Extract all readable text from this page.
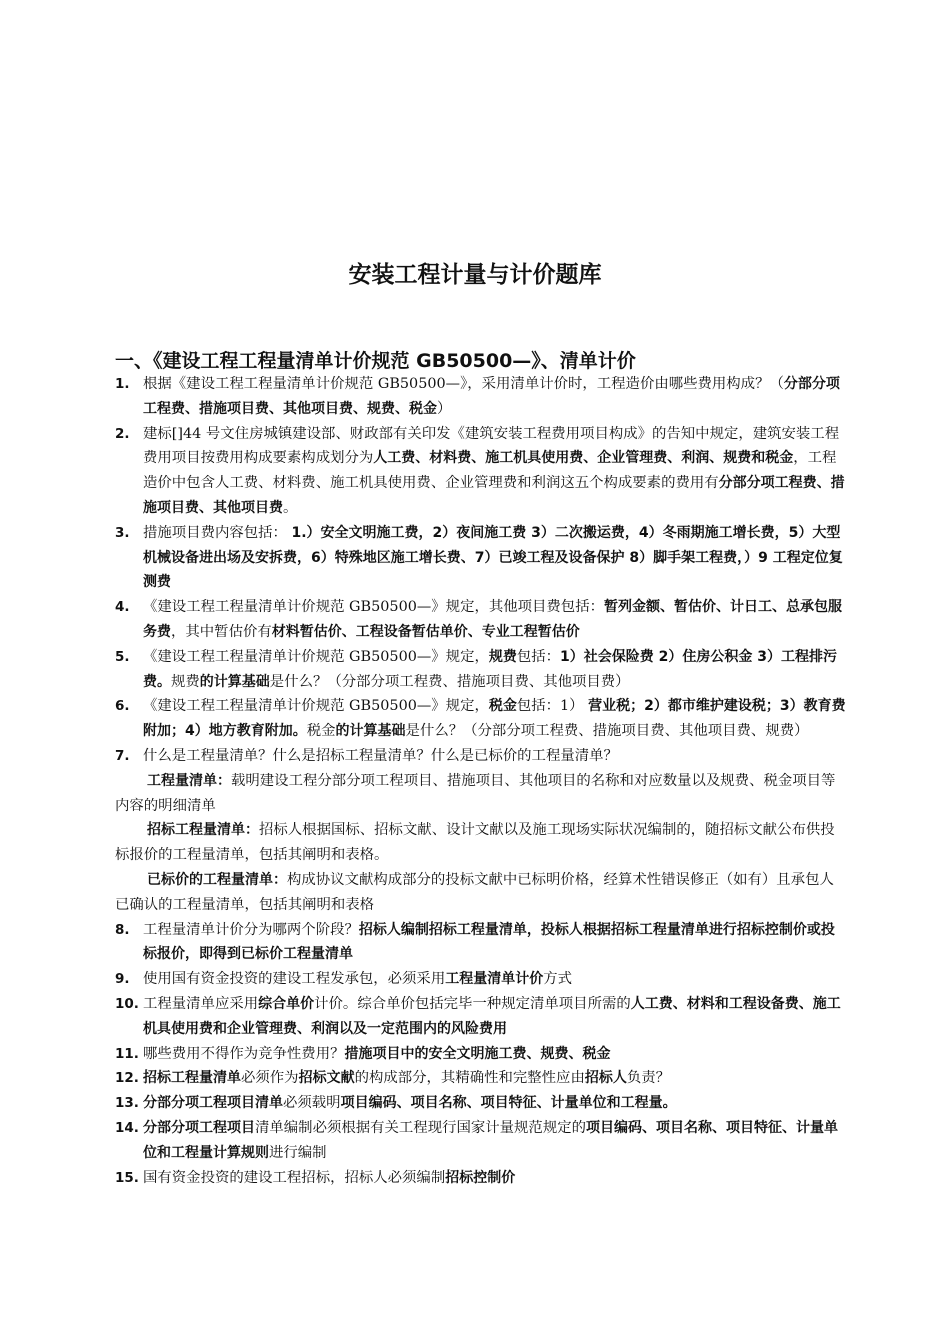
安装工程计量与计价题库
一、《建设工程工程量清单计价规范 GB50500—》、清单计价
1. 根据《建设工程工程量清单计价规范 GB50500—》，采用清单计价时，工程造价由哪些费用构成？（分部分项工程费、措施项目费、其他项目费、规费、税金）
2. 建标[]44 号文住房城镇建设部、财政部有关印发《建筑安装工程费用项目构成》的告知中规定，建筑安装工程费用项目按费用构成要素构成划分为人工费、材料费、施工机具使用费、企业管理费、利润、规费和税金，工程造价中包含人工费、材料费、施工机具使用费、企业管理费和利润这五个构成要素的费用有分部分项工程费、措施项目费、其他项目费。
3. 措施项目费内容包括： 1.）安全文明施工费，2）夜间施工费 3）二次搬运费，4）冬雨期施工增长费，5）大型机械设备进出场及安拆费，6）特殊地区施工增长费、7）已竣工程及设备保护 8）脚手架工程费，）9 工程定位复测费
4. 《建设工程工程量清单计价规范 GB50500—》规定，其他项目费包括：暂列金额、暂估价、计日工、总承包服务费，其中暂估价有材料暂估价、工程设备暂估单价、专业工程暂估价
5. 《建设工程工程量清单计价规范 GB50500—》规定，规费包括：1）社会保险费 2）住房公积金 3）工程排污费。规费的计算基础是什么？（分部分项工程费、措施项目费、其他项目费）
6. 《建设工程工程量清单计价规范 GB50500—》规定，税金包括：1） 营业税；2）都市维护建设税；3）教育费附加；4）地方教育附加。税金的计算基础是什么？（分部分项工程费、措施项目费、其他项目费、规费）
7. 什么是工程量清单？什么是招标工程量清单？什么是已标价的工程量清单？
工程量清单：载明建设工程分部分项工程项目、措施项目、其他项目的名称和对应数量以及规费、税金项目等内容的明细清单
招标工程量清单：招标人根据国标、招标文献、设计文献以及施工现场实际状况编制的，随招标文献公布供投标报价的工程量清单，包括其阐明和表格。
已标价的工程量清单：构成协议文献构成部分的投标文献中已标明价格，经算术性错误修正（如有）且承包人已确认的工程量清单，包括其阐明和表格
8. 工程量清单计价分为哪两个阶段？招标人编制招标工程量清单，投标人根据招标工程量清单进行招标控制价或投标报价，即得到已标价工程量清单
9. 使用国有资金投资的建设工程发承包，必须采用工程量清单计价方式
10. 工程量清单应采用综合单价计价。综合单价包括完毕一种规定清单项目所需的人工费、材料和工程设备费、施工机具使用费和企业管理费、利润以及一定范围内的风险费用
11. 哪些费用不得作为竞争性费用？措施项目中的安全文明施工费、规费、税金
12. 招标工程量清单必须作为招标文献的构成部分，其精确性和完整性应由招标人负责？
13. 分部分项工程项目清单必须载明项目编码、项目名称、项目特征、计量单位和工程量。
14. 分部分项工程项目清单编制必须根据有关工程现行国家计量规范规定的项目编码、项目名称、项目特征、计量单位和工程量计算规则进行编制
15. 国有资金投资的建设工程招标，招标人必须编制招标控制价
